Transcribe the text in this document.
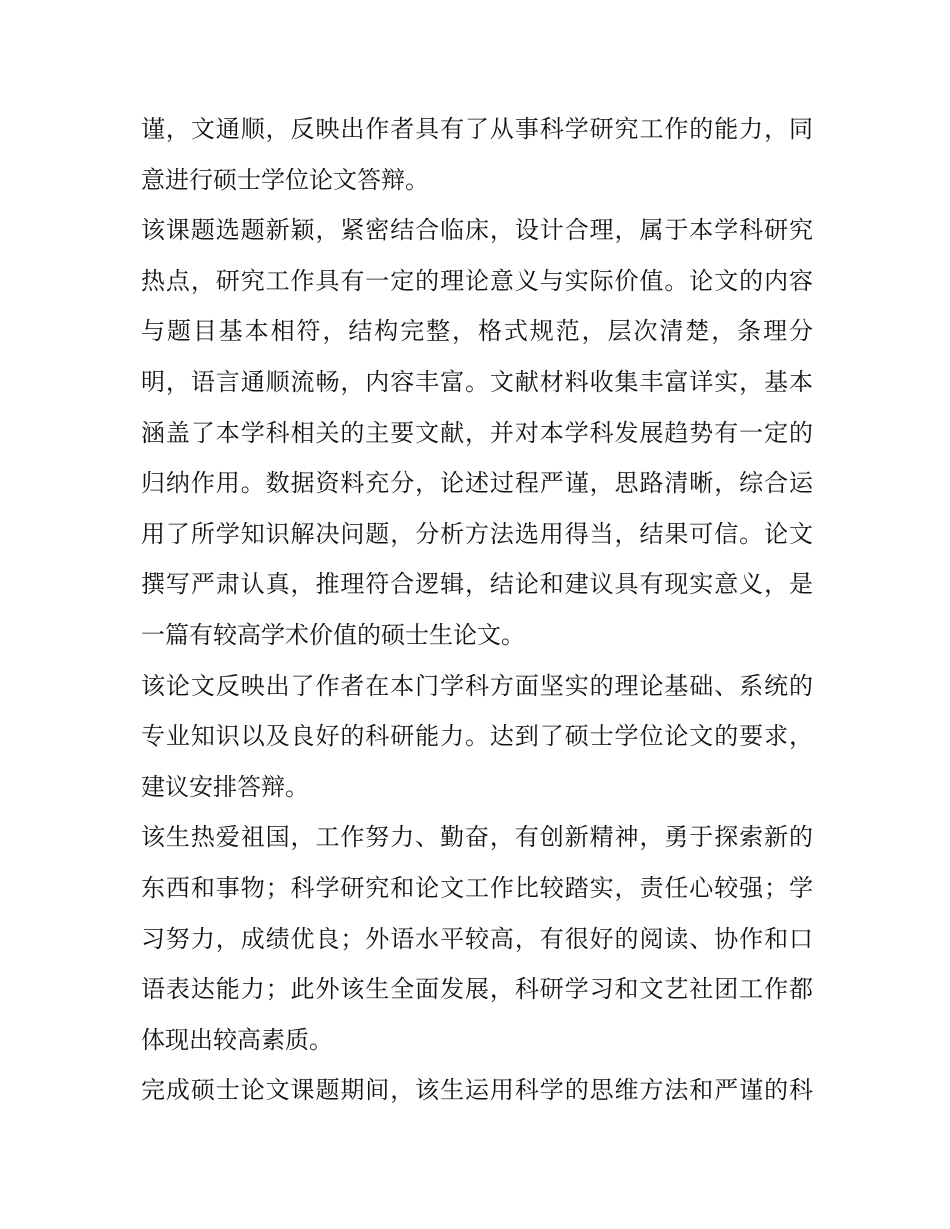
谨，文通顺，反映出作者具有了从事科学研究工作的能力，同
意进行硕士学位论文答辩。
该课题选题新颖，紧密结合临床，设计合理，属于本学科研究
热点，研究工作具有一定的理论意义与实际价值。论文的内容
与题目基本相符，结构完整，格式规范，层次清楚，条理分
明，语言通顺流畅，内容丰富。文献材料收集丰富详实，基本
涵盖了本学科相关的主要文献，并对本学科发展趋势有一定的
归纳作用。数据资料充分，论述过程严谨，思路清晰，综合运
用了所学知识解决问题，分析方法选用得当，结果可信。论文
撰写严肃认真，推理符合逻辑，结论和建议具有现实意义，是
一篇有较高学术价值的硕士生论文。
该论文反映出了作者在本门学科方面坚实的理论基础、系统的
专业知识以及良好的科研能力。达到了硕士学位论文的要求，
建议安排答辩。
该生热爱祖国，工作努力、勤奋，有创新精神，勇于探索新的
东西和事物；科学研究和论文工作比较踏实，责任心较强；学
习努力，成绩优良；外语水平较高，有很好的阅读、协作和口
语表达能力；此外该生全面发展，科研学习和文艺社团工作都
体现出较高素质。
完成硕士论文课题期间，该生运用科学的思维方法和严谨的科
